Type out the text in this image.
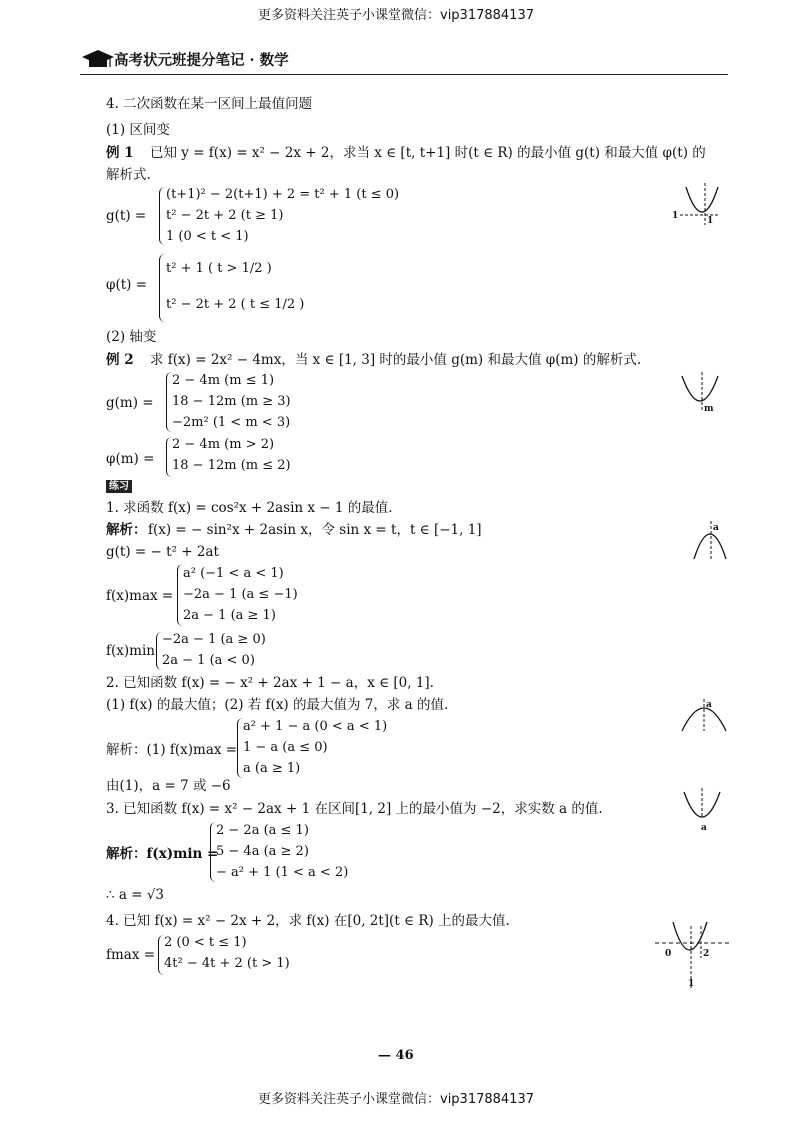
更多资料关注英子小课堂微信：vip317884137
高考状元班提分笔记 · 数学
4. 二次函数在某一区间上最值问题
(1) 区间变
例 1 已知 y = f(x) = x² − 2x + 2，求当 x ∈ [t, t+1] 时(t ∈ R) 的最小值 g(t) 和最大值 φ(t) 的
解析式.
g(t) =
(t+1)² − 2(t+1) + 2 = t² + 1 (t ≤ 0)
t² − 2t + 2 (t ≥ 1)
1 (0 < t < 1)
φ(t) =
t² + 1 ( t > 1/2 )
t² − 2t + 2 ( t ≤ 1/2 )
1	1
(2) 轴变
例 2 求 f(x) = 2x² − 4mx，当 x ∈ [1, 3] 时的最小值 g(m) 和最大值 φ(m) 的解析式.
g(m) =
2 − 4m (m ≤ 1)
18 − 12m (m ≥ 3)
−2m² (1 < m < 3)
φ(m) =
2 − 4m (m > 2)
18 − 12m (m ≤ 2)
m
练习
1. 求函数 f(x) = cos²x + 2asin x − 1 的最值.
解析： f(x) = − sin²x + 2asin x，令 sin x = t，t ∈ [−1, 1]
g(t) = − t² + 2at
f(x)max =
a² (−1 < a < 1)
−2a − 1 (a ≤ −1)
2a − 1 (a ≥ 1)
f(x)min
−2a − 1 (a ≥ 0)
2a − 1 (a < 0)
a
2. 已知函数 f(x) = − x² + 2ax + 1 − a，x ∈ [0, 1].
(1) f(x) 的最大值；(2) 若 f(x) 的最大值为 7，求 a 的值.
解析：(1) f(x)max =
a² + 1 − a (0 < a < 1)
1 − a (a ≤ 0)
a (a ≥ 1)
由(1)，a = 7 或 −6
a
3. 已知函数 f(x) = x² − 2ax + 1 在区间[1, 2] 上的最小值为 −2，求实数 a 的值.
解析：f(x)min =
2 − 2a (a ≤ 1)
5 − 4a (a ≥ 2)
− a² + 1 (1 < a < 2)
∴ a = √3
a
4. 已知 f(x) = x² − 2x + 2，求 f(x) 在[0, 2t](t ∈ R) 上的最大值.
fmax =
2 (0 < t ≤ 1)
4t² − 4t + 2 (t > 1)
0	2
1
— 46
更多资料关注英子小课堂微信：vip317884137
